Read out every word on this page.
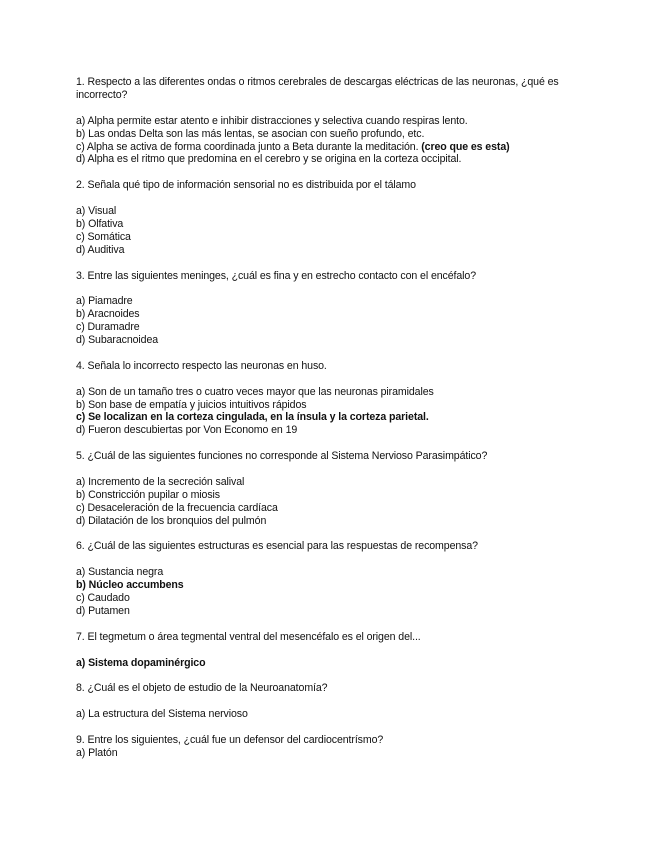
1. Respecto a las diferentes ondas o ritmos cerebrales de descargas eléctricas de las neuronas, ¿qué es incorrecto?

a) Alpha permite estar atento e inhibir distracciones y selectiva cuando respiras lento.
b) Las ondas Delta son las más lentas, se asocian con sueño profundo, etc.
c) Alpha se activa de forma coordinada junto a Beta durante la meditación. (creo que es esta)
d) Alpha es el ritmo que predomina en el cerebro y se origina en la corteza occipital.

2. Señala qué tipo de información sensorial no es distribuida por el tálamo

a) Visual
b) Olfativa
c) Somática
d) Auditiva

3. Entre las siguientes meninges, ¿cuál es fina y en estrecho contacto con el encéfalo?

a) Piamadre
b) Aracnoides
c) Duramadre
d) Subaracnoidea

4. Señala lo incorrecto respecto las neuronas en huso.

a) Son de un tamaño tres o cuatro veces mayor que las neuronas piramidales
b) Son base de empatía y juicios intuitivos rápidos
c) Se localizan en la corteza cingulada, en la ínsula y la corteza parietal.
d) Fueron descubiertas por Von Economo en 19

5. ¿Cuál de las siguientes funciones no corresponde al Sistema Nervioso Parasimpático?

a) Incremento de la secreción salival
b) Constricción pupilar o miosis
c) Desaceleración de la frecuencia cardíaca
d) Dilatación de los bronquios del pulmón

6. ¿Cuál de las siguientes estructuras es esencial para las respuestas de recompensa?

a) Sustancia negra
b) Núcleo accumbens
c) Caudado
d) Putamen

7. El tegmetum o área tegmental ventral del mesencéfalo es el origen del...

a) Sistema dopaminérgico

8. ¿Cuál es el objeto de estudio de la Neuroanatomía?

a) La estructura del Sistema nervioso

9. Entre los siguientes, ¿cuál fue un defensor del cardiocentrísmo?

a) Platón
